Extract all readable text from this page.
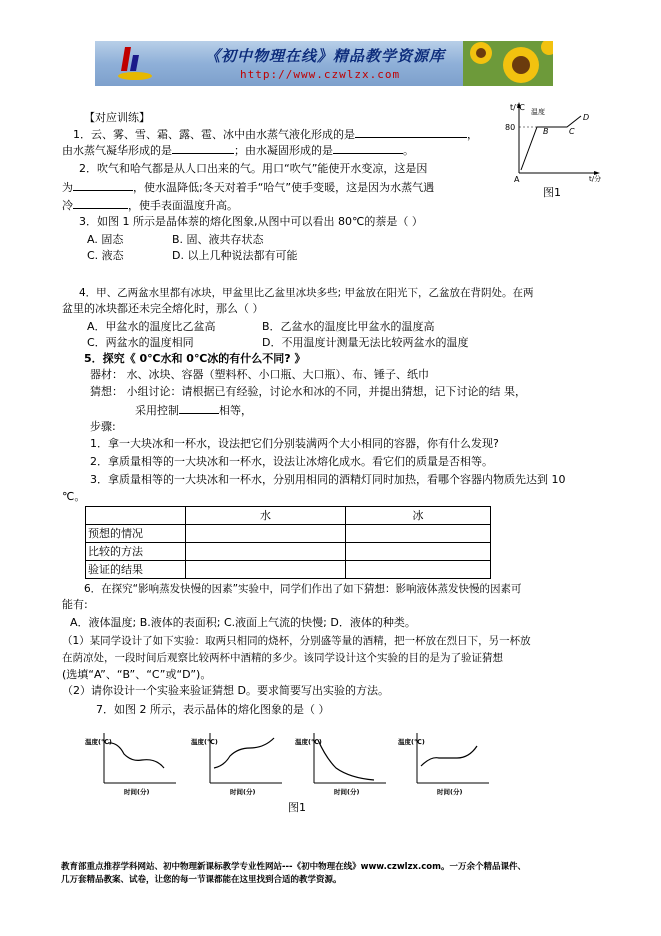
《初中物理在线》精品教学资源库
http://www.czwlzx.com
t/℃
80
A
温度
B	C
D
t/分
图1
【对应训练】
1．云、雾、雪、霜、露、雹、冰中由水蒸气液化形成的是	，
由水蒸气凝华形成的是	；由水凝固形成的是	。
2．吹气和哈气都是从人口出来的气。用口“吹气”能使开水变凉，这是因
为	，使水温降低;冬天对着手“哈气”使手变暖，这是因为水蒸气遇
冷	，使手表面温度升高。
3．如图 1 所示是晶体萘的熔化图象,从图中可以看出 80℃的萘是（ ）
A. 固态	B. 固、液共存状态
C. 液态	D. 以上几种说法都有可能
4．甲、乙两盆水里都有冰块，甲盆里比乙盆里冰块多些; 甲盆放在阳光下，乙盆放在背阴处。在两
盆里的冰块都还未完全熔化时，那么（ ）
A．甲盆水的温度比乙盆高	B．乙盆水的温度比甲盆水的温度高
C．两盆水的温度相同	D．不用温度计测量无法比较两盆水的温度
5．探究《 0℃水和 0℃冰的有什么不同? 》
器材： 水、冰块、容器（塑料杯、小口瓶、大口瓶）、布、锤子、纸巾
猜想： 小组讨论：请根据已有经验，讨论水和冰的不同，并提出猜想，记下讨论的结 果，
采用控制	相等，
步骤:
1．拿一大块冰和一杯水，设法把它们分别装满两个大小相同的容器，你有什么发现?
2．拿质量相等的一大块冰和一杯水，设法让冰熔化成水。看它们的质量是否相等。
3．拿质量相等的一大块冰和一杯水，分别用相同的酒精灯同时加热，看哪个容器内物质先达到 10
℃。
	水	冰
预想的情况		
比较的方法		
验证的结果		
6．在探究“影响蒸发快慢的因素”实验中，同学们作出了如下猜想：影响液体蒸发快慢的因素可
能有:
A．液体温度; B.液体的表面积; C.液面上气流的快慢; D．液体的种类。
（1）某同学设计了如下实验：取两只相同的烧杯，分别盛等量的酒精，把一杯放在烈日下，另一杯放
在荫凉处，一段时间后观察比较两杯中酒精的多少。该同学设计这个实验的目的是为了验证猜想
(选填“A”、“B”、“C”或“D”)。
（2）请你设计一个实验来验证猜想 D。要求简要写出实验的方法。
7．如图 2 所示，表示晶体的熔化图象的是（ ）
温度(℃)
时间(分)
温度(℃)
时间(分)
温度(℃)
时间(分)
温度(℃)
时间(分)
图1
教育部重点推荐学科网站、初中物理新课标教学专业性网站---《初中物理在线》www.czwlzx.com。一万余个精品课件、
几万套精品教案、试卷，让您的每一节课都能在这里找到合适的教学资源。
